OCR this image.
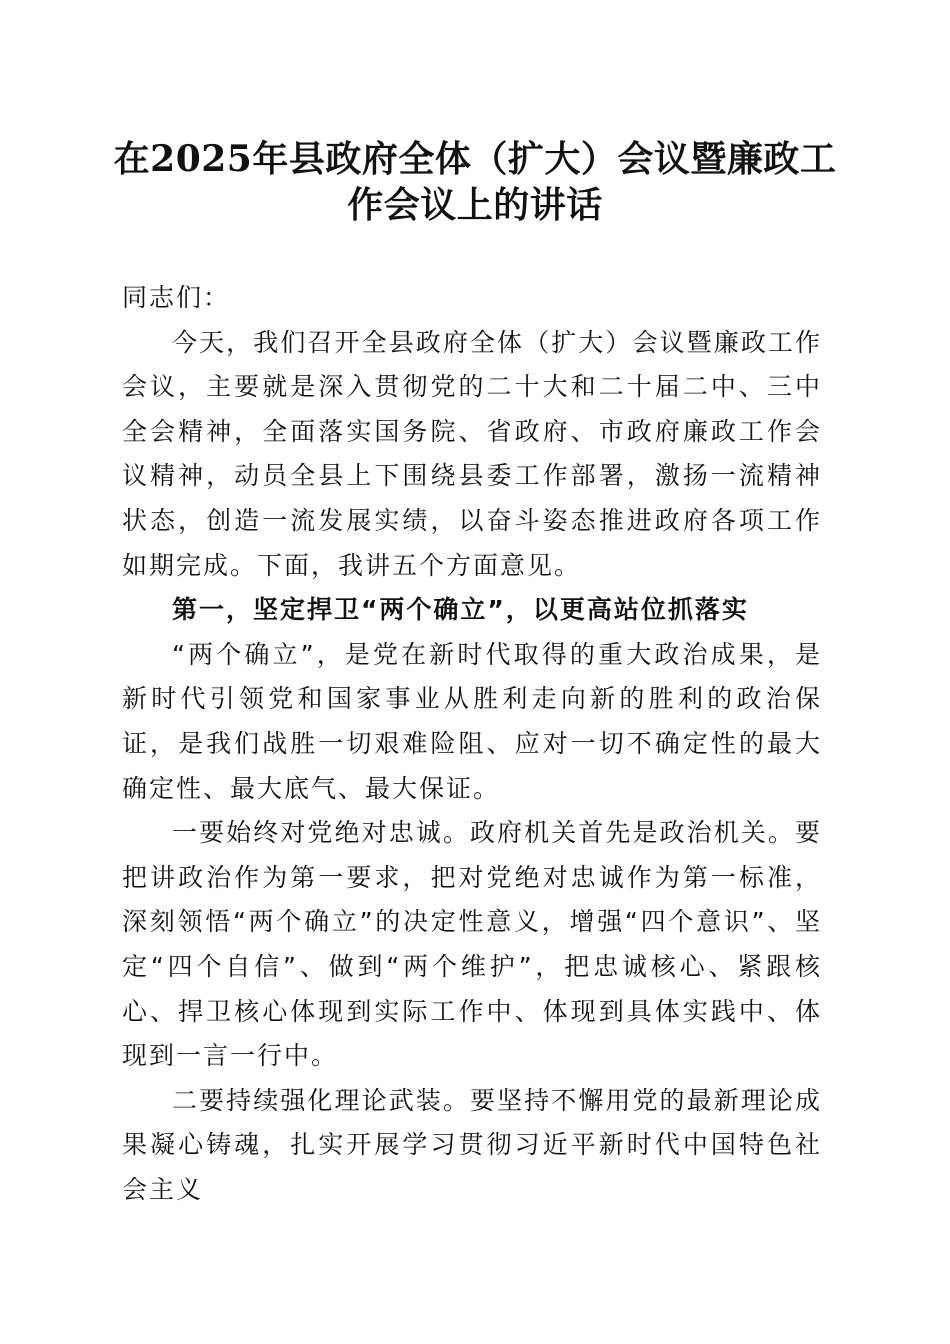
在2025年县政府全体（扩大）会议暨廉政工
作会议上的讲话

同志们：

今天，我们召开全县政府全体（扩大）会议暨廉政工作会议，主要就是深入贯彻党的二十大和二十届二中、三中全会精神，全面落实国务院、省政府、市政府廉政工作会议精神，动员全县上下围绕县委工作部署，激扬一流精神状态，创造一流发展实绩，以奋斗姿态推进政府各项工作如期完成。下面，我讲五个方面意见。

第一，坚定捍卫“两个确立”，以更高站位抓落实

“两个确立”，是党在新时代取得的重大政治成果，是新时代引领党和国家事业从胜利走向新的胜利的政治保证，是我们战胜一切艰难险阻、应对一切不确定性的最大确定性、最大底气、最大保证。

一要始终对党绝对忠诚。政府机关首先是政治机关。要把讲政治作为第一要求，把对党绝对忠诚作为第一标准，深刻领悟“两个确立”的决定性意义，增强“四个意识”、坚定“四个自信”、做到“两个维护”，把忠诚核心、紧跟核心、捍卫核心体现到实际工作中、体现到具体实践中、体现到一言一行中。

二要持续强化理论武装。要坚持不懈用党的最新理论成果凝心铸魂，扎实开展学习贯彻习近平新时代中国特色社会主义
